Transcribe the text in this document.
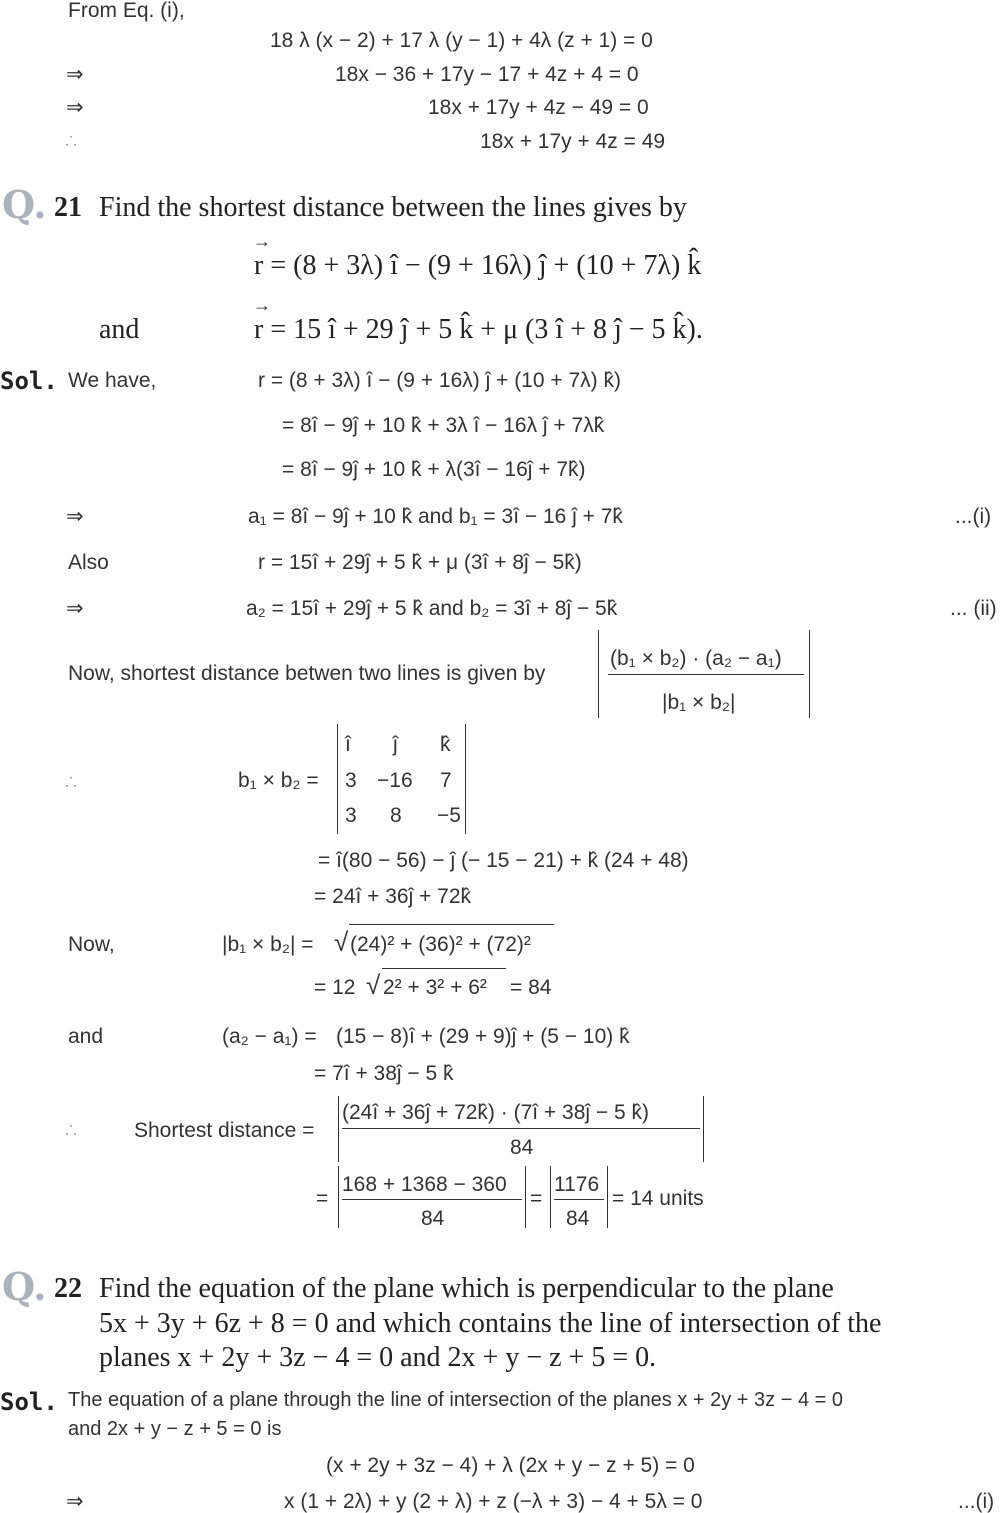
From Eq. (i),
18 λ (x − 2) + 17 λ (y − 1) + 4λ (z + 1) = 0
⇒	18x − 36 + 17y − 17 + 4z + 4 = 0
⇒	18x + 17y + 4z − 49 = 0
∴	18x + 17y + 4z = 49
Q. 21 Find the shortest distance between the lines gives by
→
r = (8 + 3λ) î − (9 + 16λ) ĵ + (10 + 7λ) k̂
and
→
r = 15 î + 29 ĵ + 5 k̂ + μ (3 î + 8 ĵ − 5 k̂).
Sol. We have,	r = (8 + 3λ) î − (9 + 16λ) ĵ + (10 + 7λ) k̂)
= 8î − 9ĵ + 10 k̂ + 3λ î − 16λ ĵ + 7λk̂
= 8î − 9ĵ + 10 k̂ + λ(3î − 16ĵ + 7k̂)
⇒	a₁ = 8î − 9ĵ + 10 k̂ and b₁ = 3î − 16 ĵ + 7k̂	...(i)
Also	r = 15î + 29ĵ + 5 k̂ + μ (3î + 8ĵ − 5k̂)
⇒	a₂ = 15î + 29ĵ + 5 k̂ and b₂ = 3î + 8ĵ − 5k̂	... (ii)
Now, shortest distance betwen two lines is given by
(b₁ × b₂) · (a₂ − a₁)
|b₁ × b₂|
∴	b₁ × b₂ =
î ĵ k̂
3 −16 7
3 8 −5
= î(80 − 56) − ĵ (− 15 − 21) + k̂ (24 + 48)
= 24î + 36ĵ + 72k̂
Now,	|b₁ × b₂| = √ (24)² + (36)² + (72)²
= 12 √ 2² + 3² + 6² = 84
and	(a₂ − a₁) = (15 − 8)î + (29 + 9)ĵ + (5 − 10) k̂
= 7î + 38ĵ − 5 k̂
∴	Shortest distance =
(24î + 36ĵ + 72k̂) · (7î + 38ĵ − 5 k̂)
84
=
168 + 1368 − 360
84
=
1176
84
= 14 units
Q. 22 Find the equation of the plane which is perpendicular to the plane
5x + 3y + 6z + 8 = 0 and which contains the line of intersection of the
planes x + 2y + 3z − 4 = 0 and 2x + y − z + 5 = 0.
Sol. The equation of a plane through the line of intersection of the planes x + 2y + 3z − 4 = 0
and 2x + y − z + 5 = 0 is
(x + 2y + 3z − 4) + λ (2x + y − z + 5) = 0
⇒	x (1 + 2λ) + y (2 + λ) + z (−λ + 3) − 4 + 5λ = 0	...(i)
